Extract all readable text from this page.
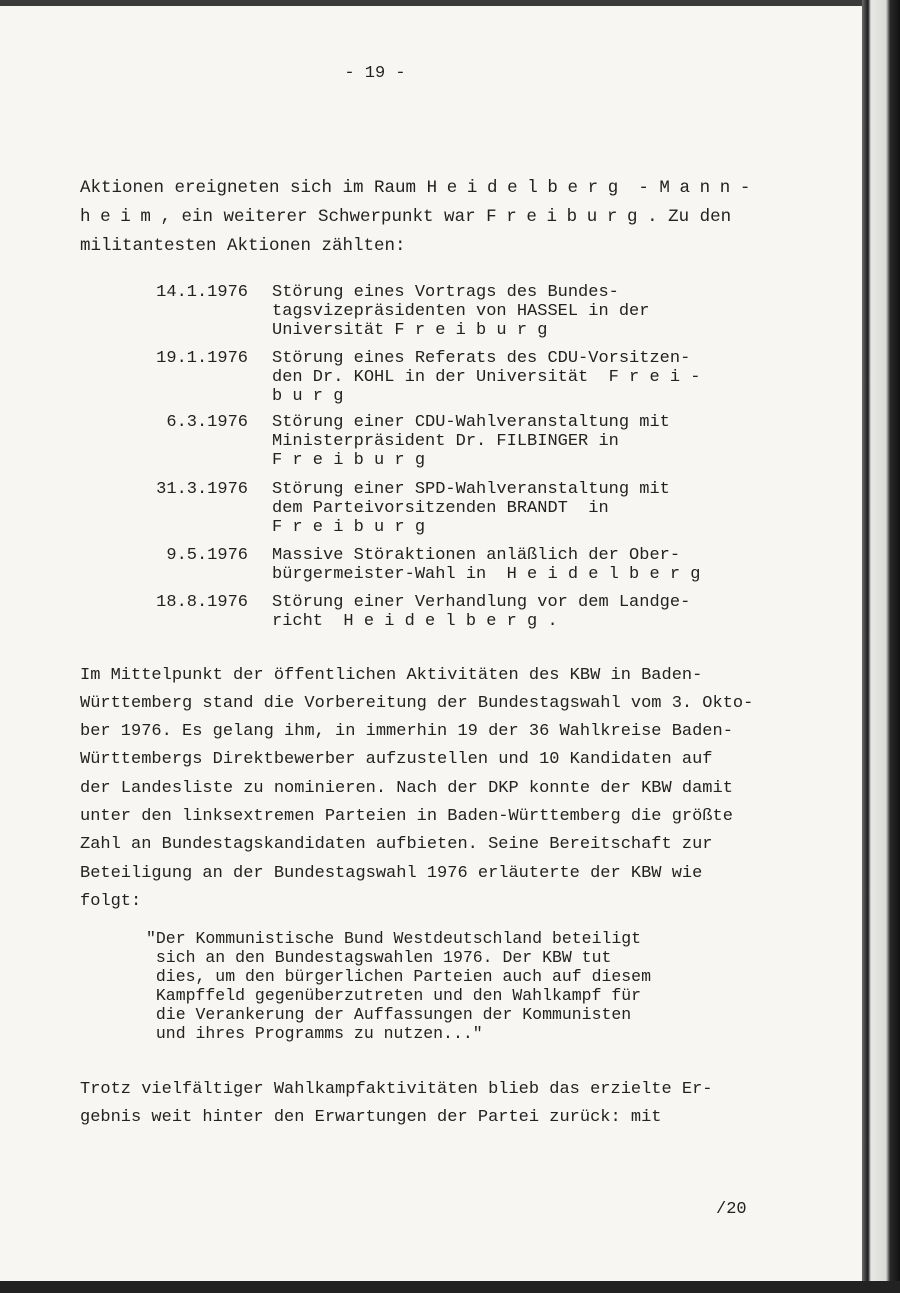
- 19 -
Aktionen ereigneten sich im Raum Heidelberg - Mann-
heim, ein weiterer Schwerpunkt war Freiburg. Zu den
militantesten Aktionen zählten:
14.1.1976 Störung eines Vortrags des Bundes-
tagsvizepräsidenten von HASSEL in der
Universität F r e i b u r g
19.1.1976 Störung eines Referats des CDU-Vorsitzen-
den Dr. KOHL in der Universität  F r e i -
b u r g
6.3.1976 Störung einer CDU-Wahlveranstaltung mit
Ministerpräsident Dr. FILBINGER in
F r e i b u r g
31.3.1976 Störung einer SPD-Wahlveranstaltung mit
dem Parteivorsitzenden BRANDT  in
F r e i b u r g
9.5.1976 Massive Störaktionen anläßlich der Ober-
bürgermeister-Wahl in  H e i d e l b e r g
18.8.1976 Störung einer Verhandlung vor dem Landge-
richt  H e i d e l b e r g .
Im Mittelpunkt der öffentlichen Aktivitäten des KBW in Baden-
Württemberg stand die Vorbereitung der Bundestagswahl vom 3. Okto-
ber 1976. Es gelang ihm, in immerhin 19 der 36 Wahlkreise Baden-
Württembergs Direktbewerber aufzustellen und 10 Kandidaten auf
der Landesliste zu nominieren. Nach der DKP konnte der KBW damit
unter den linksextremen Parteien in Baden-Württemberg die größte
Zahl an Bundestagskandidaten aufbieten. Seine Bereitschaft zur
Beteiligung an der Bundestagswahl 1976 erläuterte der KBW wie
folgt:
"Der Kommunistische Bund Westdeutschland beteiligt
sich an den Bundestagswahlen 1976. Der KBW tut
dies, um den bürgerlichen Parteien auch auf diesem
Kampffeld gegenüberzutreten und den Wahlkampf für
die Verankerung der Auffassungen der Kommunisten
und ihres Programms zu nutzen..."
Trotz vielfältiger Wahlkampfaktivitäten blieb das erzielte Er-
gebnis weit hinter den Erwartungen der Partei zurück: mit
/20
